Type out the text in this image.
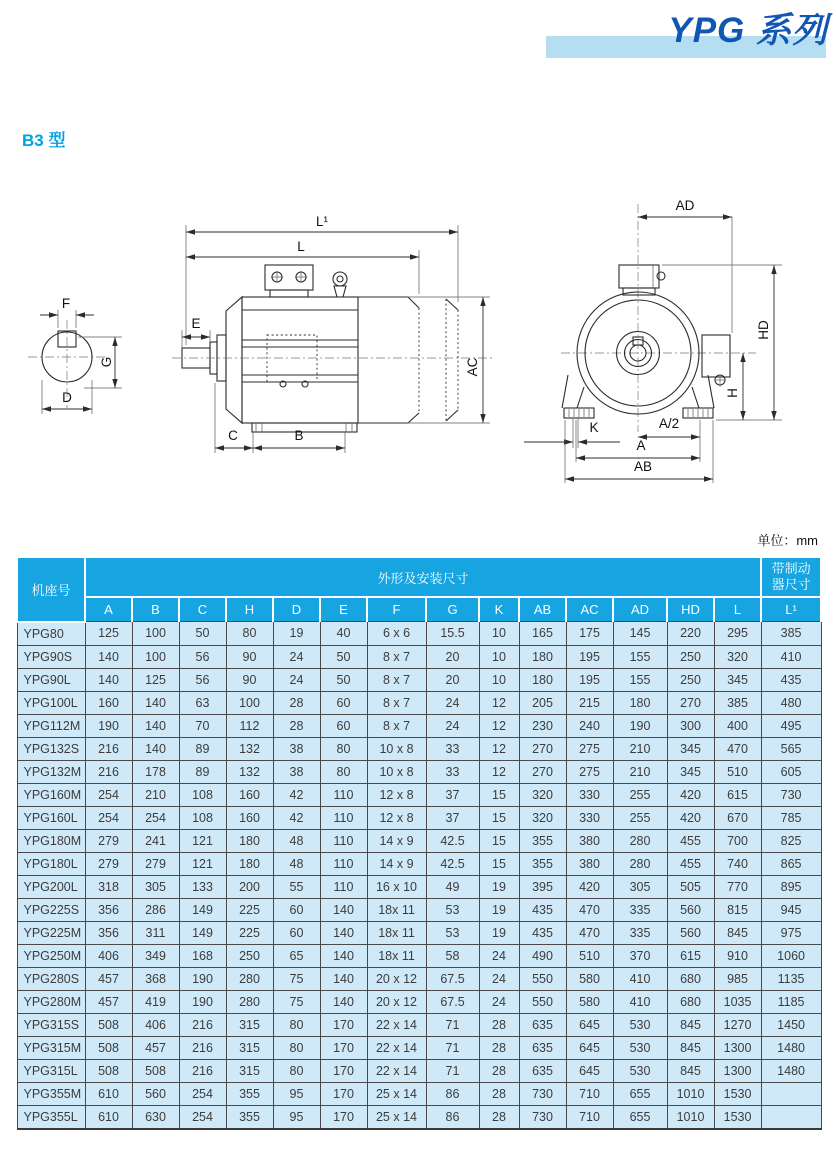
YPG 系列
B3 型
F
G
D
L¹
L
E
AC
C	B
AD
HD
H
K	A/2
A
AB
单位：mm
机座号	外形及安装尺寸														带制动
器尺寸
	A	B	C	H	D	E	F	G	K	AB	AC	AD	HD	L	L¹
YPG80	125	100	50	80	19	40	6 x 6	15.5	10	165	175	145	220	295	385
YPG90S	140	100	56	90	24	50	8 x 7	20	10	180	195	155	250	320	410
YPG90L	140	125	56	90	24	50	8 x 7	20	10	180	195	155	250	345	435
YPG100L	160	140	63	100	28	60	8 x 7	24	12	205	215	180	270	385	480
YPG112M	190	140	70	112	28	60	8 x 7	24	12	230	240	190	300	400	495
YPG132S	216	140	89	132	38	80	10 x 8	33	12	270	275	210	345	470	565
YPG132M	216	178	89	132	38	80	10 x 8	33	12	270	275	210	345	510	605
YPG160M	254	210	108	160	42	110	12 x 8	37	15	320	330	255	420	615	730
YPG160L	254	254	108	160	42	110	12 x 8	37	15	320	330	255	420	670	785
YPG180M	279	241	121	180	48	110	14 x 9	42.5	15	355	380	280	455	700	825
YPG180L	279	279	121	180	48	110	14 x 9	42.5	15	355	380	280	455	740	865
YPG200L	318	305	133	200	55	110	16 x 10	49	19	395	420	305	505	770	895
YPG225S	356	286	149	225	60	140	18x 11	53	19	435	470	335	560	815	945
YPG225M	356	311	149	225	60	140	18x 11	53	19	435	470	335	560	845	975
YPG250M	406	349	168	250	65	140	18x 11	58	24	490	510	370	615	910	1060
YPG280S	457	368	190	280	75	140	20 x 12	67.5	24	550	580	410	680	985	1135
YPG280M	457	419	190	280	75	140	20 x 12	67.5	24	550	580	410	680	1035	1185
YPG315S	508	406	216	315	80	170	22 x 14	71	28	635	645	530	845	1270	1450
YPG315M	508	457	216	315	80	170	22 x 14	71	28	635	645	530	845	1300	1480
YPG315L	508	508	216	315	80	170	22 x 14	71	28	635	645	530	845	1300	1480
YPG355M	610	560	254	355	95	170	25 x 14	86	28	730	710	655	1010	1530	
YPG355L	610	630	254	355	95	170	25 x 14	86	28	730	710	655	1010	1530	
